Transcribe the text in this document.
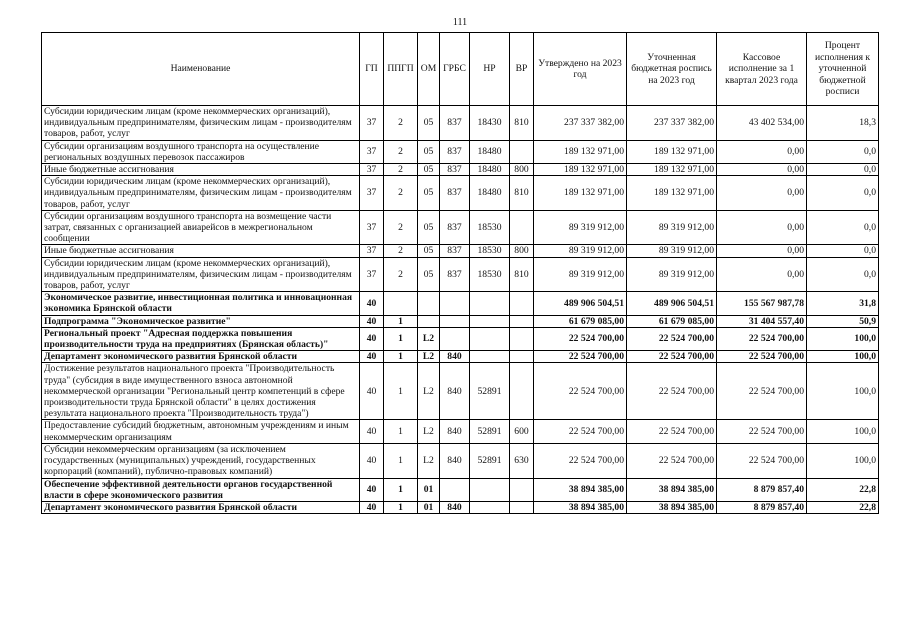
111
Наименование	ГП	ППГП	ОМ	ГРБС	НР	ВР	Утверждено на 2023 год	Уточненная бюджетная роспись на 2023 год	Кассовое исполнение за 1 квартал 2023 года	Процент исполнения к уточненной бюджетной росписи
Субсидии юридическим лицам (кроме некоммерческих организаций), индивидуальным предпринимателям, физическим лицам - производителям товаров, работ, услуг	37	2	05	837	18430	810	237 337 382,00	237 337 382,00	43 402 534,00	18,3
Субсидии организациям воздушного транспорта на осуществление региональных воздушных перевозок пассажиров	37	2	05	837	18480		189 132 971,00	189 132 971,00	0,00	0,0
Иные бюджетные ассигнования	37	2	05	837	18480	800	189 132 971,00	189 132 971,00	0,00	0,0
Субсидии юридическим лицам (кроме некоммерческих организаций), индивидуальным предпринимателям, физическим лицам - производителям товаров, работ, услуг	37	2	05	837	18480	810	189 132 971,00	189 132 971,00	0,00	0,0
Субсидии организациям воздушного транспорта на возмещение части затрат, связанных с организацией авиарейсов в межрегиональном сообщении	37	2	05	837	18530		89 319 912,00	89 319 912,00	0,00	0,0
Иные бюджетные ассигнования	37	2	05	837	18530	800	89 319 912,00	89 319 912,00	0,00	0,0
Субсидии юридическим лицам (кроме некоммерческих организаций), индивидуальным предпринимателям, физическим лицам - производителям товаров, работ, услуг	37	2	05	837	18530	810	89 319 912,00	89 319 912,00	0,00	0,0
Экономическое развитие, инвестиционная политика и инновационная экономика Брянской области	40						489 906 504,51	489 906 504,51	155 567 987,78	31,8
Подпрограмма "Экономическое развитие"	40	1					61 679 085,00	61 679 085,00	31 404 557,40	50,9
Региональный проект "Адресная поддержка повышения производительности труда на предприятиях (Брянская область)"	40	1	L2				22 524 700,00	22 524 700,00	22 524 700,00	100,0
Департамент экономического развития Брянской области	40	1	L2	840			22 524 700,00	22 524 700,00	22 524 700,00	100,0
Достижение результатов национального проекта "Производительность труда" (субсидия в виде имущественного взноса автономной некоммерческой организации "Региональный центр компетенций в сфере производительности труда Брянской области" в целях достижения результата национального проекта "Производительность труда")	40	1	L2	840	52891		22 524 700,00	22 524 700,00	22 524 700,00	100,0
Предоставление субсидий бюджетным, автономным учреждениям и иным некоммерческим организациям	40	1	L2	840	52891	600	22 524 700,00	22 524 700,00	22 524 700,00	100,0
Субсидии некоммерческим организациям (за исключением государственных (муниципальных) учреждений, государственных корпораций (компаний), публично-правовых компаний)	40	1	L2	840	52891	630	22 524 700,00	22 524 700,00	22 524 700,00	100,0
Обеспечение эффективной деятельности органов государственной власти в сфере экономического развития	40	1	01				38 894 385,00	38 894 385,00	8 879 857,40	22,8
Департамент экономического развития Брянской области	40	1	01	840			38 894 385,00	38 894 385,00	8 879 857,40	22,8
